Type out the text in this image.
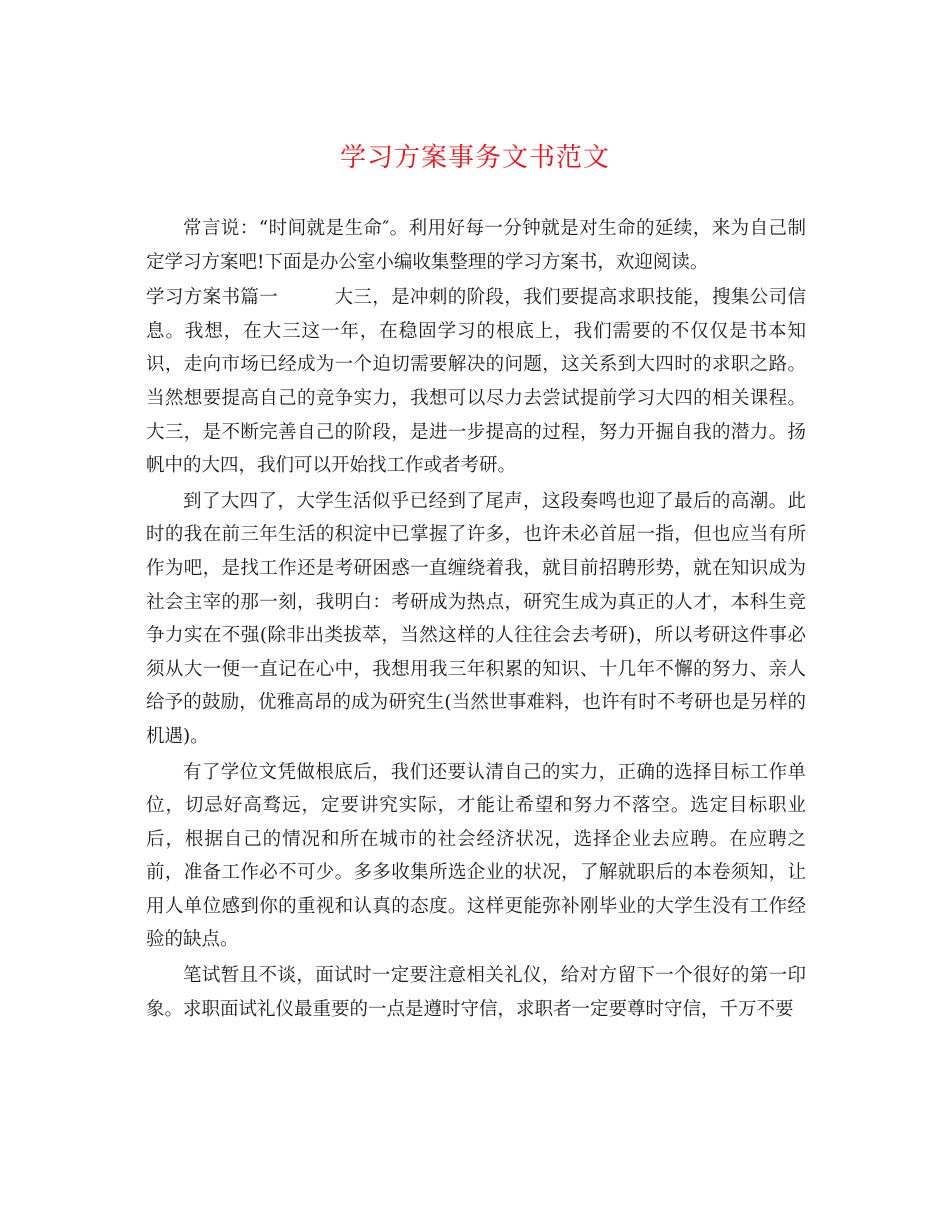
学习方案事务文书范文

常言说：“时间就是生命″。利用好每一分钟就是对生命的延续，来为自己制定学习方案吧!下面是办公室小编收集整理的学习方案书，欢迎阅读。

学习方案书篇一	大三，是冲刺的阶段，我们要提高求职技能，搜集公司信息。我想，在大三这一年，在稳固学习的根底上，我们需要的不仅仅是书本知识，走向市场已经成为一个迫切需要解决的问题，这关系到大四时的求职之路。当然想要提高自己的竞争实力，我想可以尽力去尝试提前学习大四的相关课程。大三，是不断完善自己的阶段，是进一步提高的过程，努力开掘自我的潜力。扬帆中的大四，我们可以开始找工作或者考研。

到了大四了，大学生活似乎已经到了尾声，这段奏鸣也迎了最后的高潮。此时的我在前三年生活的积淀中已掌握了许多，也许未必首屈一指，但也应当有所作为吧，是找工作还是考研困惑一直缠绕着我，就目前招聘形势，就在知识成为社会主宰的那一刻，我明白：考研成为热点，研究生成为真正的人才，本科生竞争力实在不强(除非出类拔萃，当然这样的人往往会去考研)，所以考研这件事必须从大一便一直记在心中，我想用我三年积累的知识、十几年不懈的努力、亲人给予的鼓励，优雅高昂的成为研究生(当然世事难料，也许有时不考研也是另样的机遇)。

有了学位文凭做根底后，我们还要认清自己的实力，正确的选择目标工作单位，切忌好高骛远，定要讲究实际，才能让希望和努力不落空。选定目标职业后，根据自己的情况和所在城市的社会经济状况，选择企业去应聘。在应聘之前，准备工作必不可少。多多收集所选企业的状况，了解就职后的本卷须知，让用人单位感到你的重视和认真的态度。这样更能弥补刚毕业的大学生没有工作经验的缺点。

笔试暂且不谈，面试时一定要注意相关礼仪，给对方留下一个很好的第一印象。求职面试礼仪最重要的一点是遵时守信，求职者一定要尊时守信，千万不要
